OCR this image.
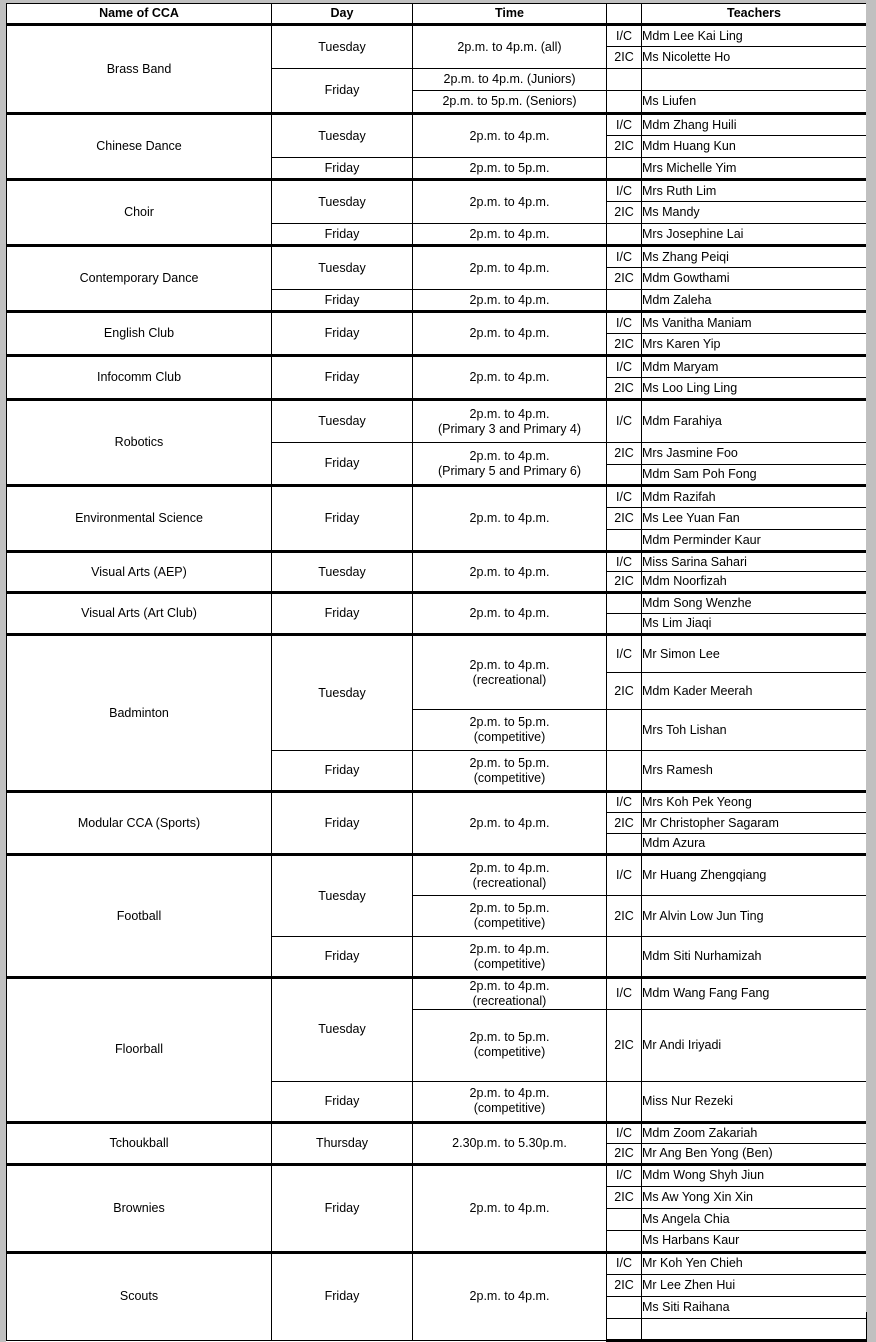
Name of CCA	Day	Time		Teachers
Brass Band	Tuesday	2p.m. to 4p.m. (all)	I/C	Mdm Lee Kai Ling
			2IC	Ms Nicolette Ho
	Friday	2p.m. to 4p.m. (Juniors)		

		2p.m. to 5p.m. (Seniors)		Ms Liufen
Chinese Dance	Tuesday	2p.m. to 4p.m.	I/C	Mdm Zhang Huili
			2IC	Mdm Huang Kun
	Friday	2p.m. to 5p.m.		Mrs Michelle Yim
Choir	Tuesday	2p.m. to 4p.m.	I/C	Mrs Ruth Lim
			2IC	Ms Mandy
	Friday	2p.m. to 4p.m.		Mrs Josephine Lai
Contemporary Dance	Tuesday	2p.m. to 4p.m.	I/C	Ms Zhang Peiqi
			2IC	Mdm Gowthami
	Friday	2p.m. to 4p.m.		Mdm Zaleha
English Club	Friday	2p.m. to 4p.m.	I/C	Ms Vanitha Maniam
			2IC	Mrs Karen Yip
Infocomm Club	Friday	2p.m. to 4p.m.	I/C	Mdm Maryam
			2IC	Ms Loo Ling Ling
Robotics	Tuesday	2p.m. to 4p.m.
(Primary 3 and Primary 4)	I/C	Mdm Farahiya
	Friday	2p.m. to 4p.m.
(Primary 5 and Primary 6)	2IC	Mrs Jasmine Foo
				Mdm Sam Poh Fong
Environmental Science	Friday	2p.m. to 4p.m.	I/C	Mdm Razifah
			2IC	Ms Lee Yuan Fan
				Mdm Perminder Kaur
Visual Arts (AEP)	Tuesday	2p.m. to 4p.m.	I/C	Miss Sarina Sahari
			2IC	Mdm Noorfizah
Visual Arts (Art Club)	Friday	2p.m. to 4p.m.		Mdm Song Wenzhe
				Ms Lim Jiaqi
Badminton	Tuesday	2p.m. to 4p.m.
(recreational)	I/C	Mr Simon Lee
			2IC	Mdm Kader Meerah

		2p.m. to 5p.m.
(competitive)		Mrs Toh Lishan
	Friday	2p.m. to 5p.m.
(competitive)		Mrs Ramesh
Modular CCA (Sports)	Friday	2p.m. to 4p.m.	I/C	Mrs Koh Pek Yeong
			2IC	Mr Christopher Sagaram
				Mdm Azura
Football	Tuesday	2p.m. to 4p.m.
(recreational)	I/C	Mr Huang Zhengqiang

		2p.m. to 5p.m.
(competitive)	2IC	Mr Alvin Low Jun Ting
	Friday	2p.m. to 4p.m.
(competitive)		Mdm Siti Nurhamizah
Floorball	Tuesday	2p.m. to 4p.m.
(recreational)	I/C	Mdm Wang Fang Fang

		2p.m. to 5p.m.
(competitive)	2IC	Mr Andi Iriyadi
	Friday	2p.m. to 4p.m.
(competitive)		Miss Nur Rezeki
Tchoukball	Thursday	2.30p.m. to 5.30p.m.	I/C	Mdm Zoom Zakariah
			2IC	Mr Ang Ben Yong (Ben)
Brownies	Friday	2p.m. to 4p.m.	I/C	Mdm Wong Shyh Jiun
			2IC	Ms Aw Yong Xin Xin
				Ms Angela Chia
				Ms Harbans Kaur
Scouts	Friday	2p.m. to 4p.m.	I/C	Mr Koh Yen Chieh
			2IC	Mr Lee Zhen Hui
				Ms Siti Raihana
